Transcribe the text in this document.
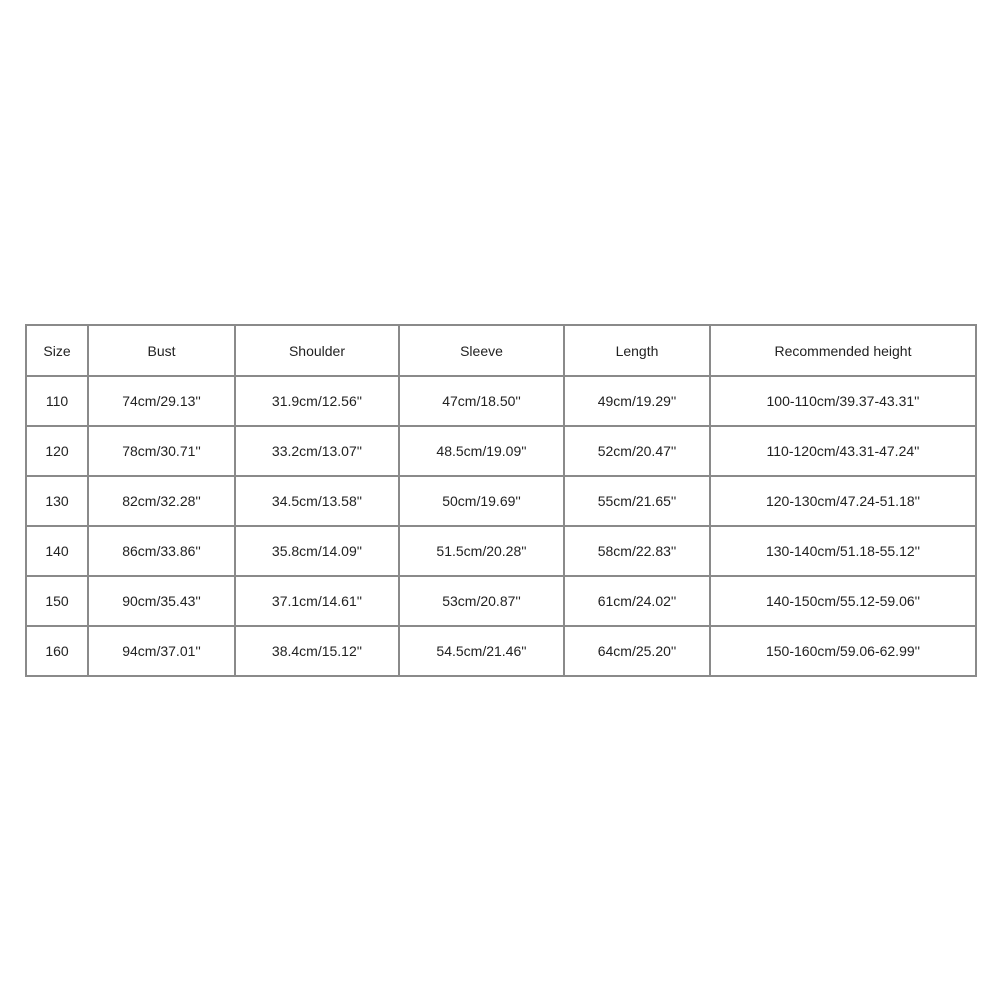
Size	Bust	Shoulder	Sleeve	Length	Recommended height
110	74cm/29.13''	31.9cm/12.56''	47cm/18.50''	49cm/19.29''	100-110cm/39.37-43.31''
120	78cm/30.71''	33.2cm/13.07''	48.5cm/19.09''	52cm/20.47''	110-120cm/43.31-47.24''
130	82cm/32.28''	34.5cm/13.58''	50cm/19.69''	55cm/21.65''	120-130cm/47.24-51.18''
140	86cm/33.86''	35.8cm/14.09''	51.5cm/20.28''	58cm/22.83''	130-140cm/51.18-55.12''
150	90cm/35.43''	37.1cm/14.61''	53cm/20.87''	61cm/24.02''	140-150cm/55.12-59.06''
160	94cm/37.01''	38.4cm/15.12''	54.5cm/21.46''	64cm/25.20''	150-160cm/59.06-62.99''
